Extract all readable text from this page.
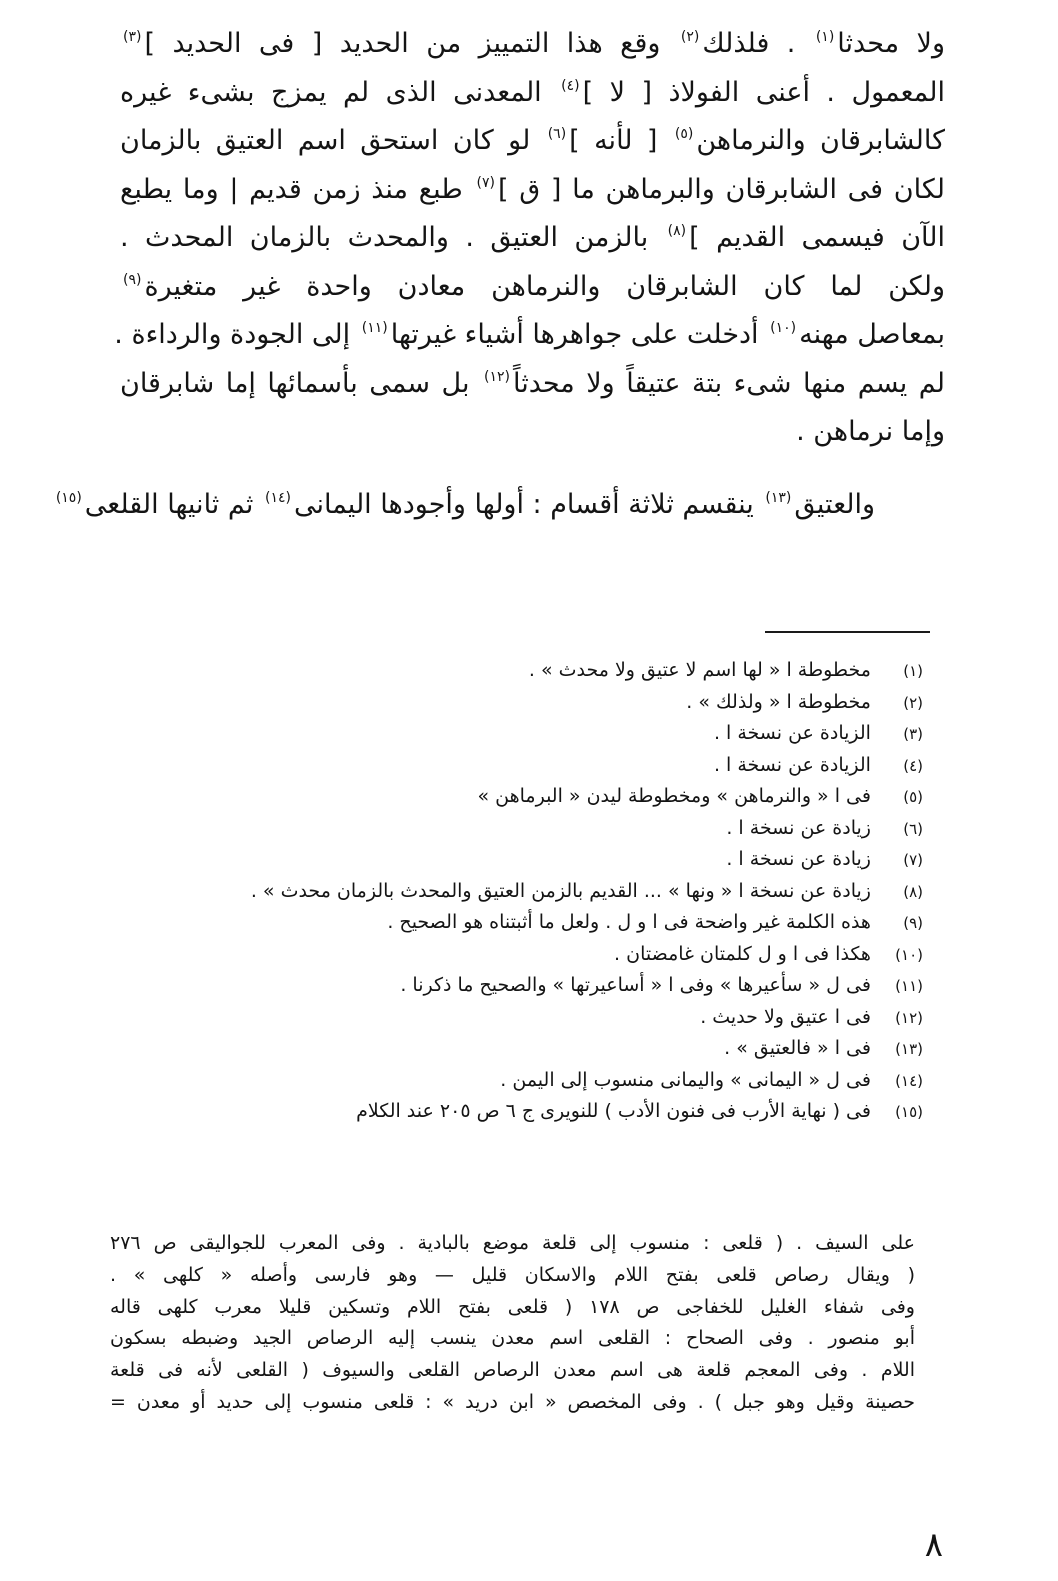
ولا محدثا$^{(١)}$ . فلذلك$^{(٢)}$ وقع هذا التمييز من الحديد [ فى الحديد ]$^{(٣)}$
المعمول . أعنى الفولاذ [ لا ]$^{(٤)}$ المعدنى الذى لم يمزج بشىء غيره
كالشابرقان والنرماهن$^{(٥)}$ [ لأنه ]$^{(٦)}$ لو كان استحق اسم العتيق بالزمان
لكان فى الشابرقان والبرماهن ما [ ق ]$^{(٧)}$ طبع منذ زمن قديم | وما يطبع
الآن فيسمى القديم ]$^{(٨)}$ بالزمن العتيق . والمحدث بالزمان المحدث .
ولكن لما كان الشابرقان والنرماهن معادن واحدة غير متغيرة$^{(٩)}$
بمعاصل مهنه$^{(١٠)}$ أدخلت على جواهرها أشياء غيرتها$^{(١١)}$ إلى الجودة والرداءة .
لم يسم منها شىء بتة عتيقاً ولا محدثاً$^{(١٢)}$ بل سمى بأسمائها إما شابرقان
وإما نرماهن .
والعتيق$^{(١٣)}$ ينقسم ثلاثة أقسام : أولها وأجودها اليمانى$^{(١٤)}$ ثم ثانيها القلعى$^{(١٥)}$
(١) مخطوطة ا « لها اسم لا عتيق ولا محدث » .
(٢) مخطوطة ا « ولذلك » .
(٣) الزيادة عن نسخة ا .
(٤) الزيادة عن نسخة ا .
(٥) فى ا « والنرماهن » ومخطوطة ليدن « البرماهن »
(٦) زيادة عن نسخة ا .
(٧) زيادة عن نسخة ا .
(٨) زيادة عن نسخة ا « ونها » ... القديم بالزمن العتيق والمحدث بالزمان محدث » .
(٩) هذه الكلمة غير واضحة فى ا و ل . ولعل ما أثبتناه هو الصحيح .
(١٠) هكذا فى ا و ل كلمتان غامضتان .
(١١) فى ل « سأعيرها » وفى ا « أساعيرتها » والصحيح ما ذكرنا .
(١٢) فى ا عتيق ولا حديث .
(١٣) فى ا « فالعتيق » .
(١٤) فى ل « اليمانى » واليمانى منسوب إلى اليمن .
(١٥) فى ( نهاية الأرب فى فنون الأدب ) للنويرى ج ٦ ص ٢٠٥ عند الكلام
على السيف . ( قلعى : منسوب إلى قلعة موضع بالبادية . وفى المعرب للجواليقى ص ٢٧٦
( ويقال رصاص قلعى بفتح اللام والاسكان قليل — وهو فارسى وأصله « كلهى » .
وفى شفاء الغليل للخفاجى ص ١٧٨ ( قلعى بفتح اللام وتسكين قليلا معرب كلهى قاله
أبو منصور . وفى الصحاح : القلعى اسم معدن ينسب إليه الرصاص الجيد وضبطه بسكون
اللام . وفى المعجم قلعة هى اسم معدن الرصاص القلعى والسيوف ( القلعى لأنه فى قلعة
حصينة وقيل وهو جبل ) . وفى المخصص « ابن دريد » : قلعى منسوب إلى حديد أو معدن =
٨
